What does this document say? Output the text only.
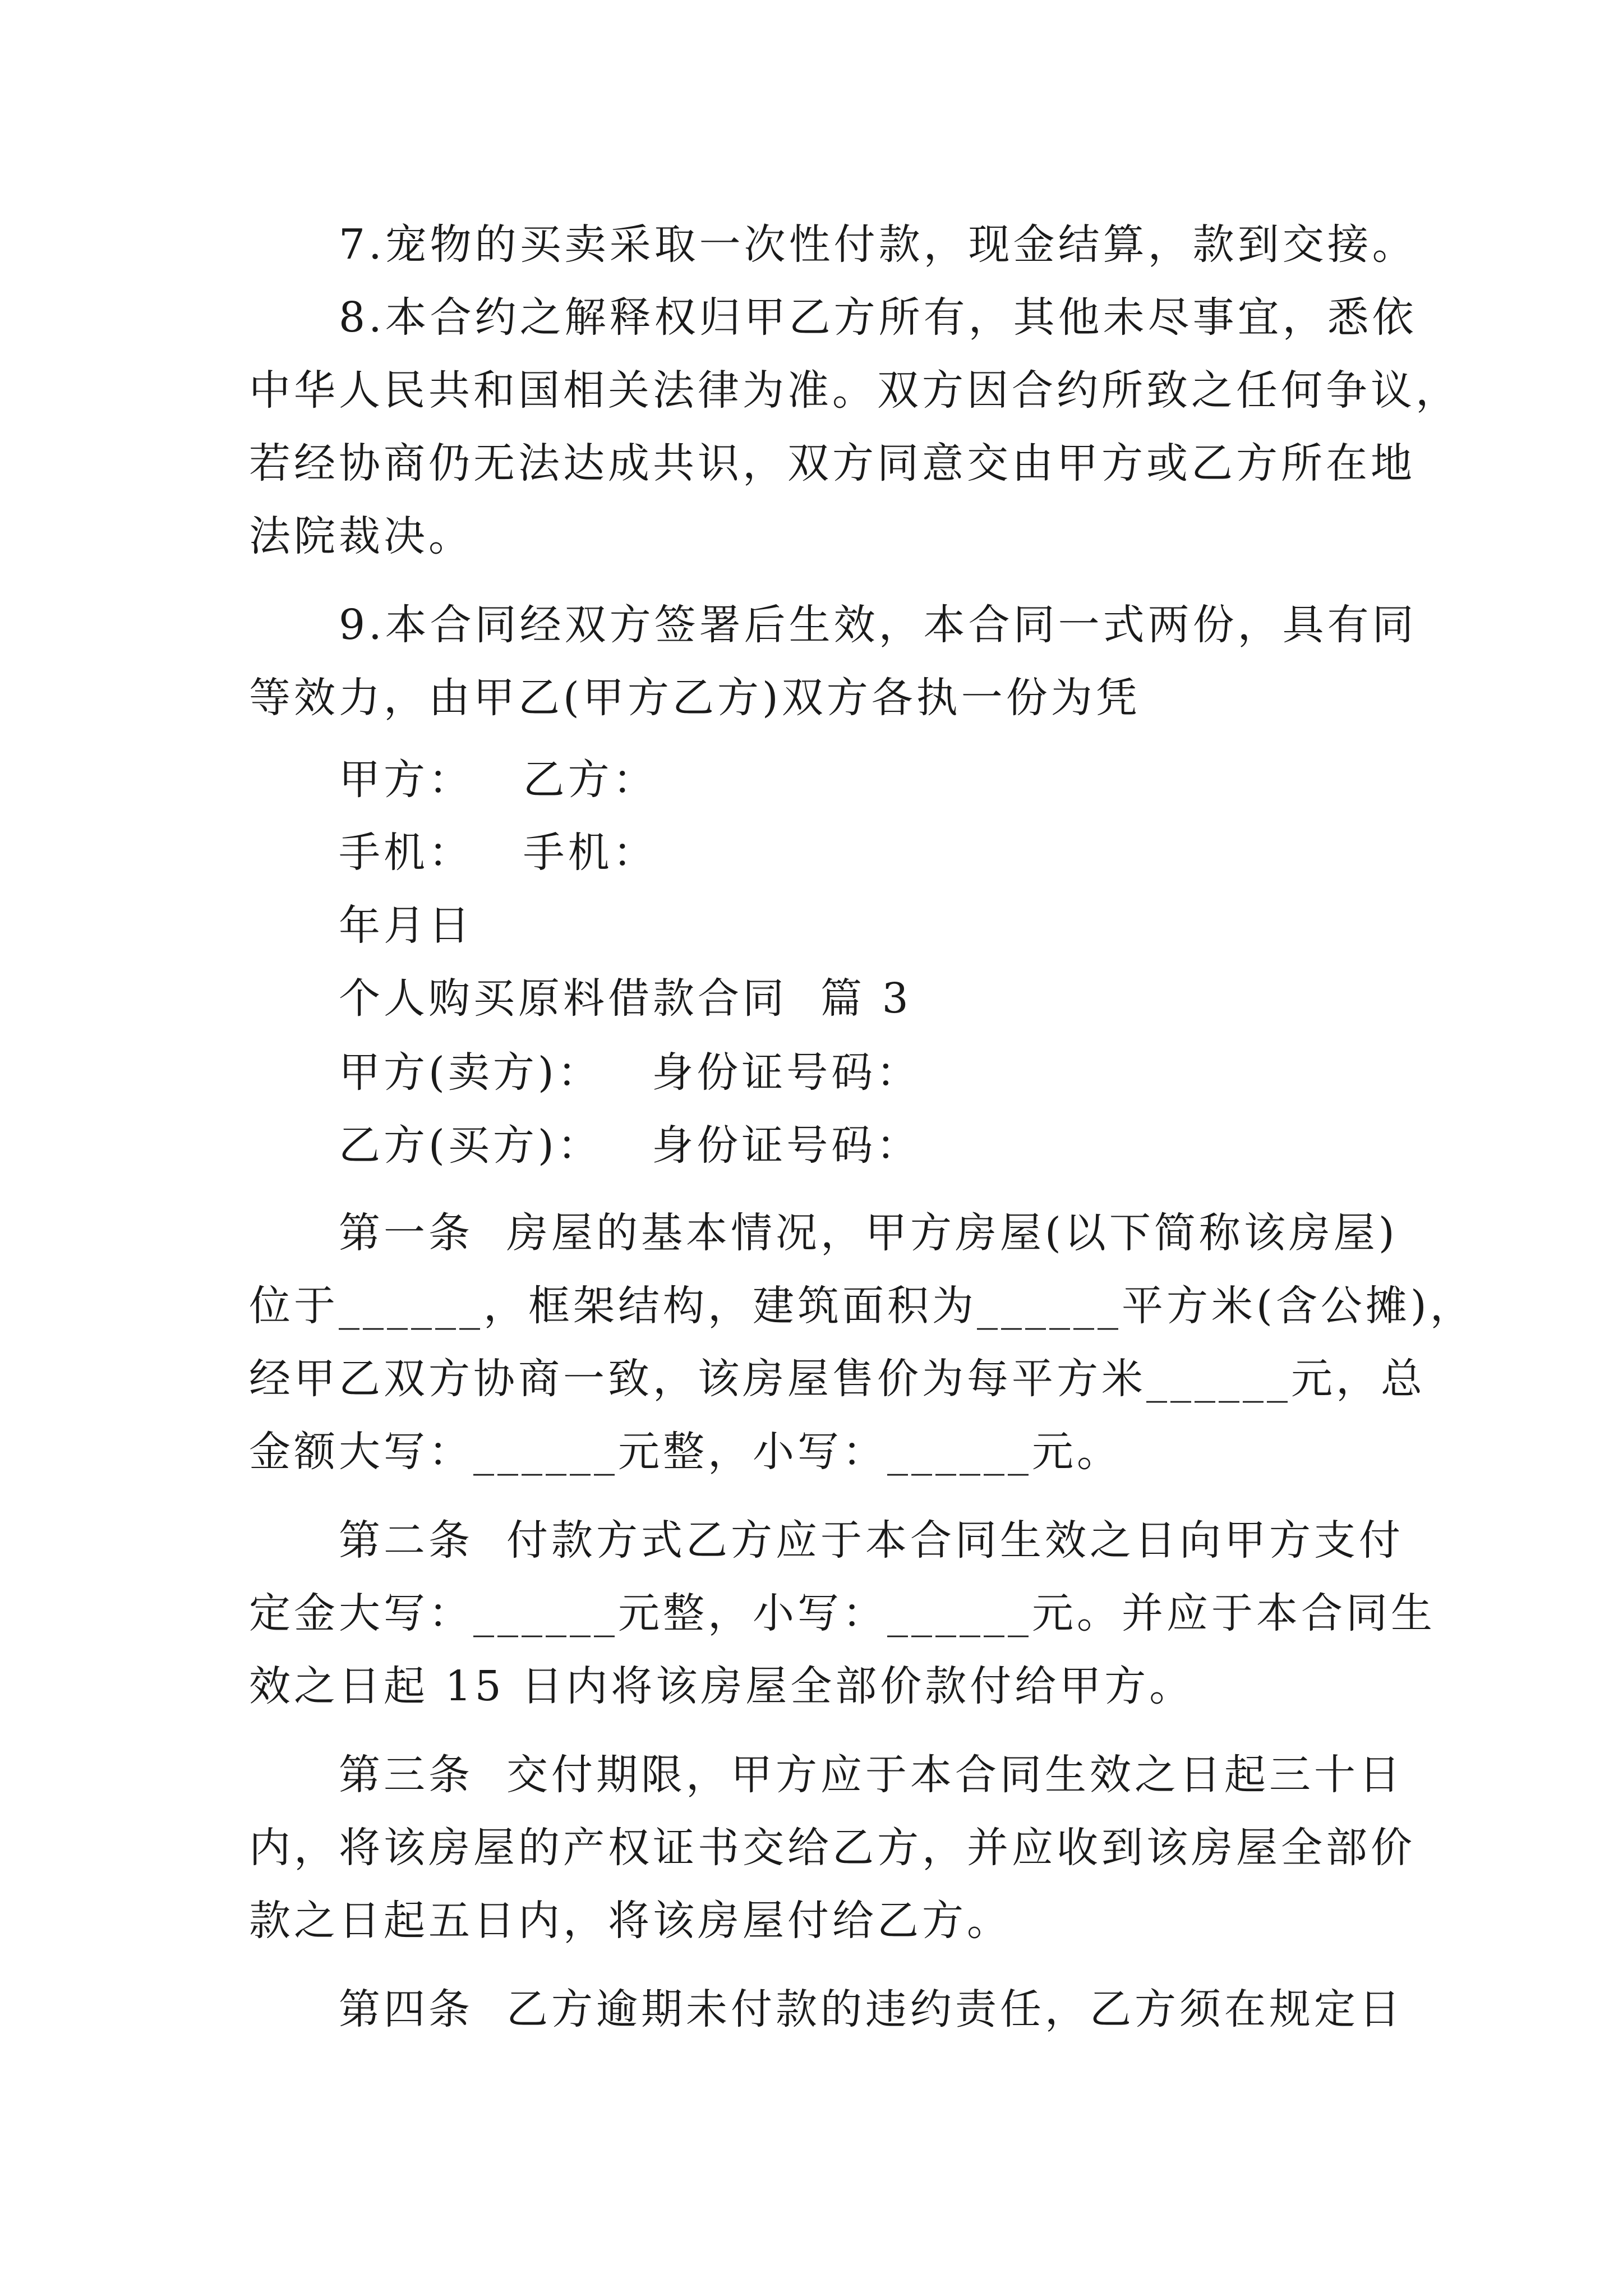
7.宠物的买卖采取一次性付款，现金结算，款到交接。
8.本合约之解释权归甲乙方所有，其他未尽事宜，悉依
中华人民共和国相关法律为准。双方因合约所致之任何争议，
若经协商仍无法达成共识，双方同意交由甲方或乙方所在地
法院裁决。
9.本合同经双方签署后生效，本合同一式两份，具有同
等效力，由甲乙(甲方乙方)双方各执一份为凭
甲方：   乙方：
手机：   手机：
年月日
个人购买原料借款合同  篇 3
甲方(卖方)：   身份证号码：
乙方(买方)：   身份证号码：
第一条  房屋的基本情况，甲方房屋(以下简称该房屋)
位于______，框架结构，建筑面积为______平方米(含公摊)，
经甲乙双方协商一致，该房屋售价为每平方米______元，总
金额大写：______元整，小写：______元。
第二条  付款方式乙方应于本合同生效之日向甲方支付
定金大写：______元整，小写：______元。并应于本合同生
效之日起 15 日内将该房屋全部价款付给甲方。
第三条  交付期限，甲方应于本合同生效之日起三十日
内，将该房屋的产权证书交给乙方，并应收到该房屋全部价
款之日起五日内，将该房屋付给乙方。
第四条  乙方逾期未付款的违约责任，乙方须在规定日
